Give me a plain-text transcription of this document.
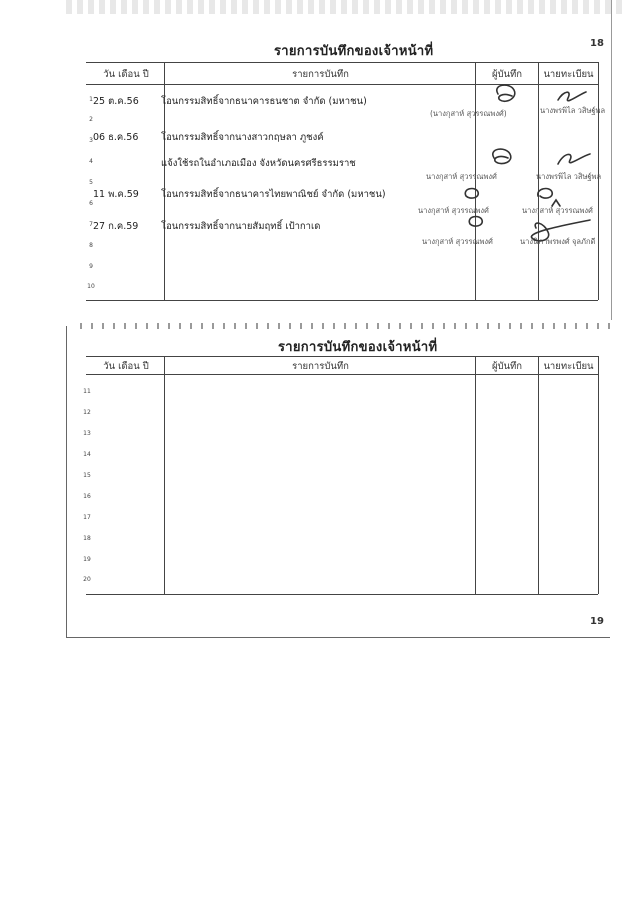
รายการบันทึกของเจ้าหน้าที่
18
วัน เดือน ปี	รายการบันทึก	ผู้บันทึก	นายทะเบียน
1
2
3
4
5
6
7
8
9
10
25 ต.ค.56 โอนกรรมสิทธิ์จากธนาคารธนชาต จำกัด (มหาชน)
(นางกุสาห์ สุวรรณพงศ์)	นางพรพิไล วสิษฐ์พล
06 ธ.ค.56 โอนกรรมสิทธิ์จากนางสาวกฤษลา ภูชงค์
แจ้งใช้รถในอำเภอเมือง จังหวัดนครศรีธรรมราช
นางกุสาห์ สุวรรณพงศ์	นางพรพิไล วสิษฐ์พล
11 พ.ค.59 โอนกรรมสิทธิ์จากธนาคารไทยพาณิชย์ จำกัด (มหาชน)
นางกุสาห์ สุวรรณพงศ์	นางกุสาห์ สุวรรณพงศ์
27 ก.ค.59 โอนกรรมสิทธิ์จากนายสัมฤทธิ์ เป้ากาเด
นางกุสาห์ สุวรรณพงศ์	นางนิภาพรพงศ์ จุลภักดี
รายการบันทึกของเจ้าหน้าที่
วัน เดือน ปี	รายการบันทึก	ผู้บันทึก	นายทะเบียน
11
12
13
14
15
16
17
18
19
20
19
